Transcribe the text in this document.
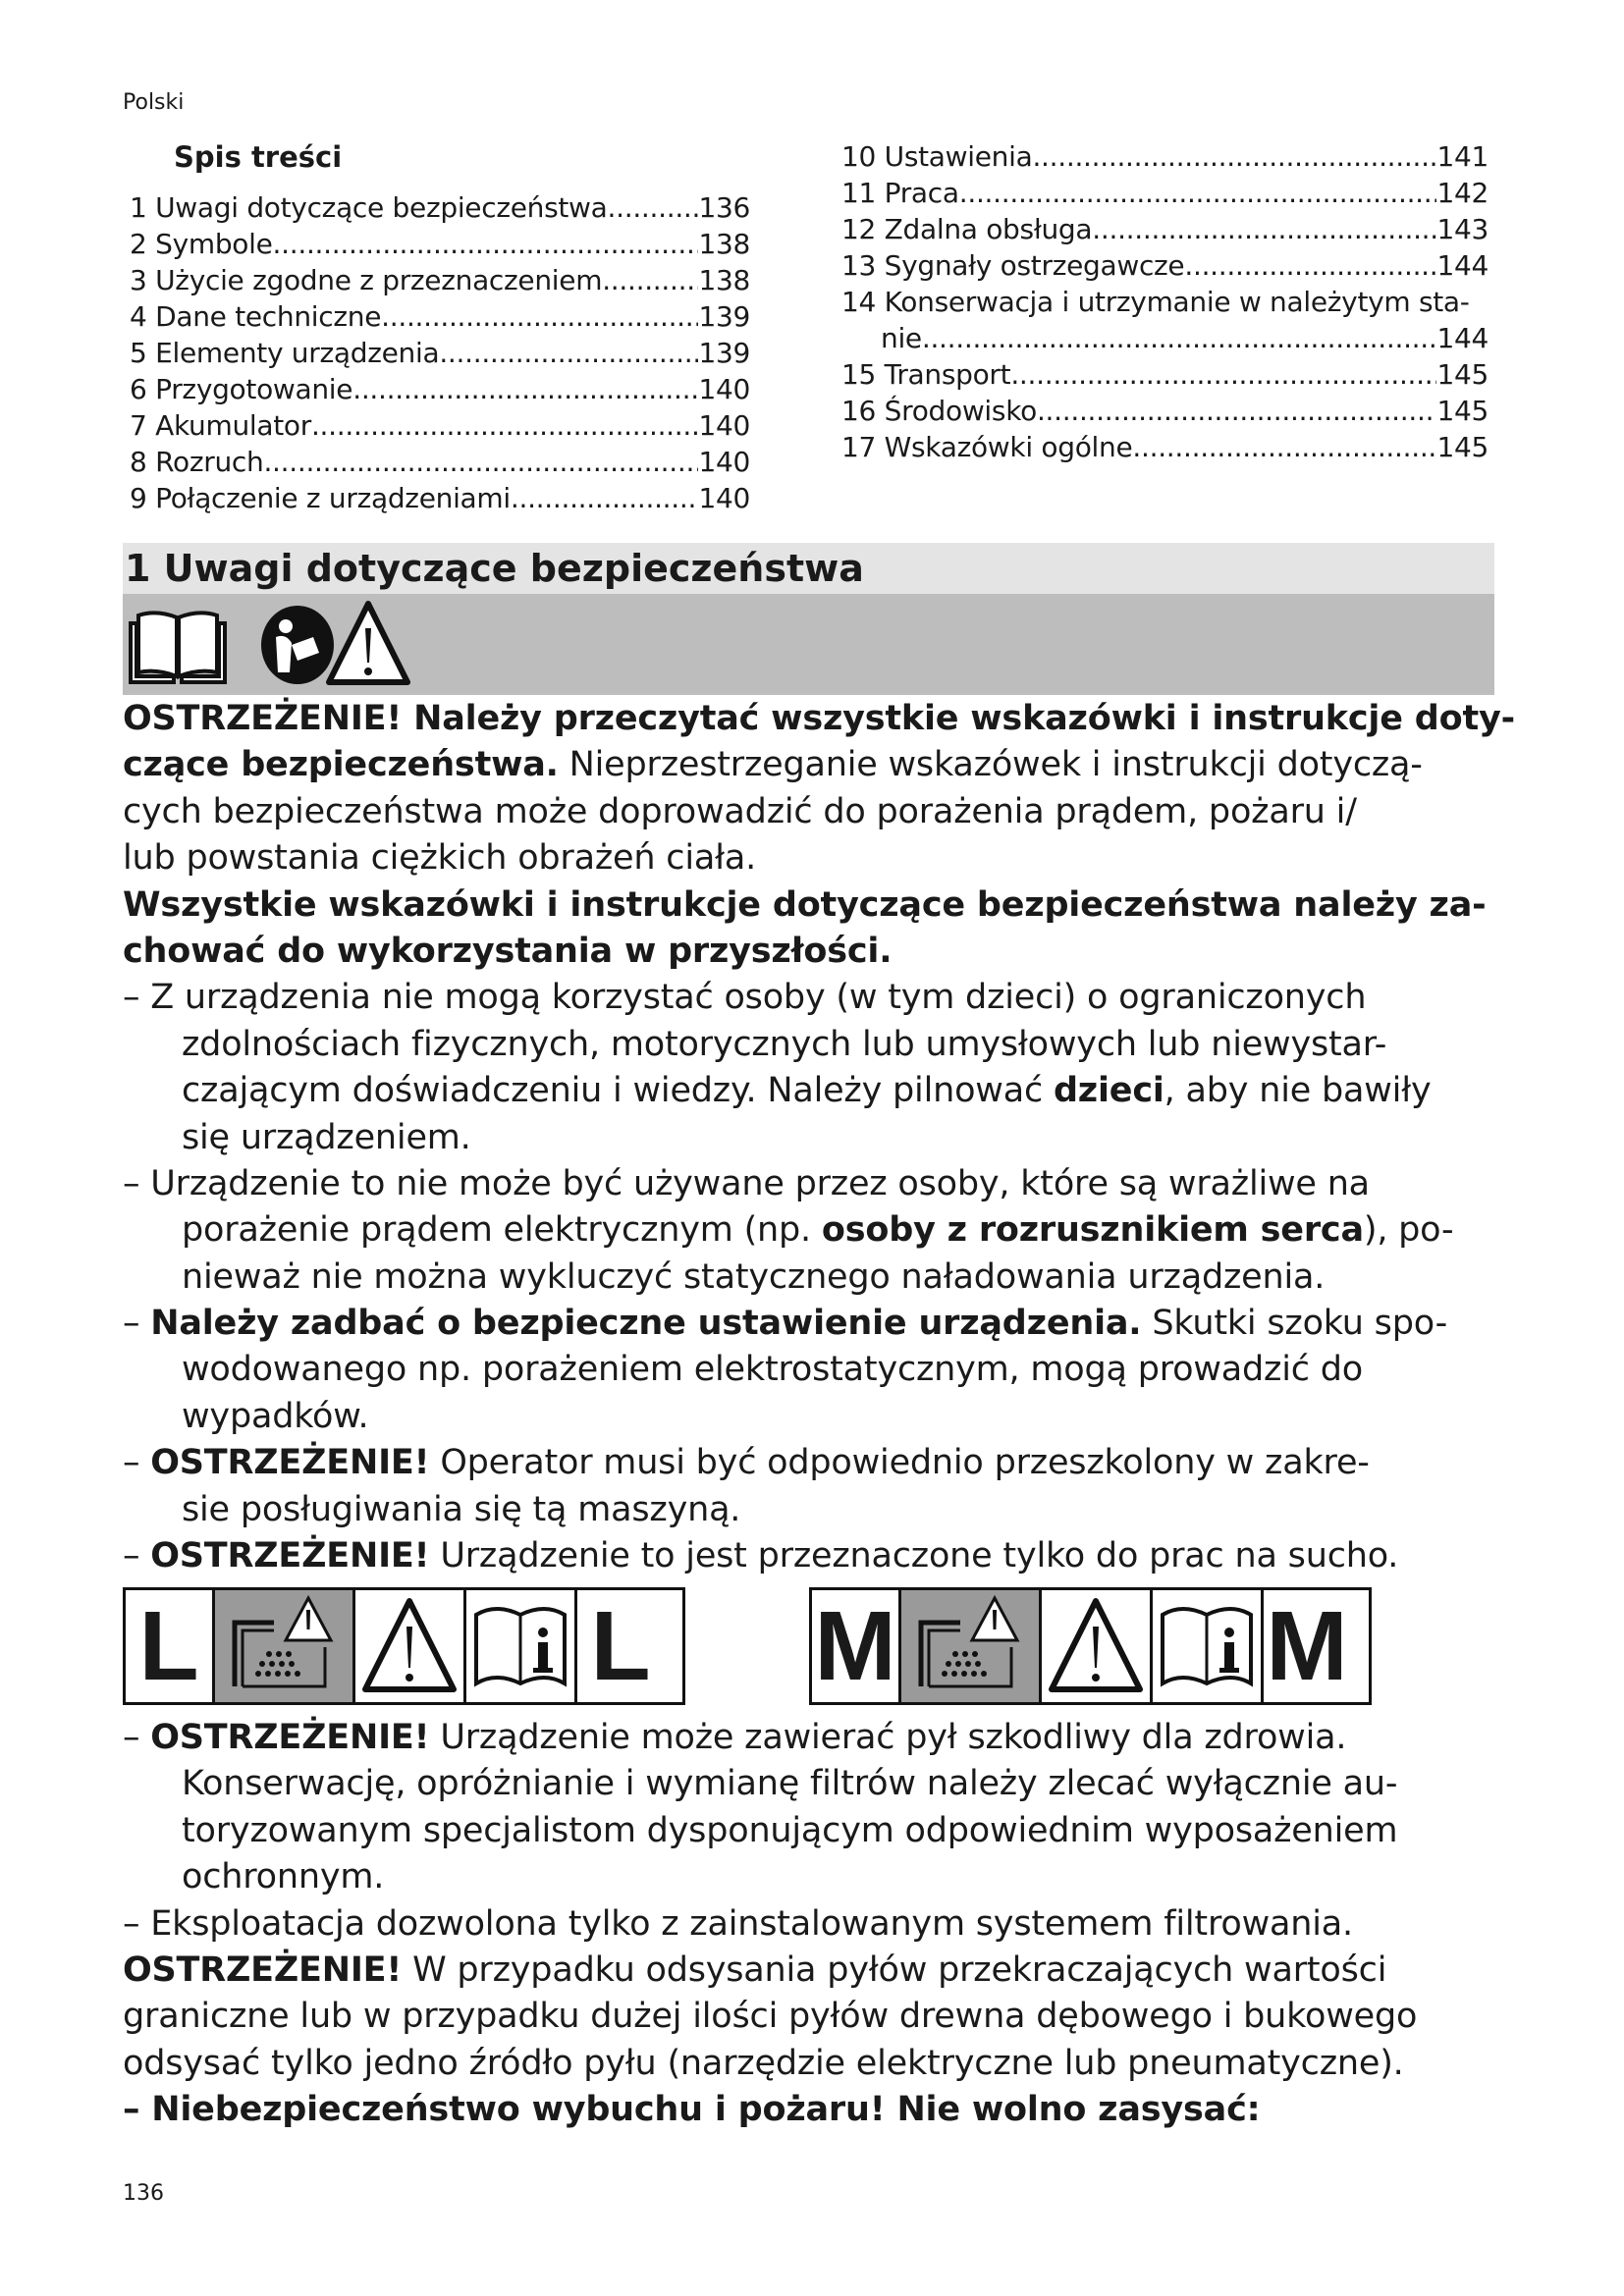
Polski
Spis treści
1 Uwagi dotyczące bezpieczeństwa .....	136
2 Symbole .....	138
3 Użycie zgodne z przeznaczeniem .....	138
4 Dane techniczne .....	139
5 Elementy urządzenia .....	139
6 Przygotowanie .....	140
7 Akumulator .....	140
8 Rozruch .....	140
9 Połączenie z urządzeniami .....	140
10 Ustawienia .....	141
11 Praca .....	142
12 Zdalna obsługa .....	143
13 Sygnały ostrzegawcze .....	144
14 Konserwacja i utrzymanie w należytym sta-
nie .....	144
15 Transport .....	145
16 Środowisko .....	145
17 Wskazówki ogólne .....	145
1 Uwagi dotyczące bezpieczeństwa
OSTRZEŻENIE! Należy przeczytać wszystkie wskazówki i instrukcje doty-
czące bezpieczeństwa. Nieprzestrzeganie wskazówek i instrukcji dotyczą-
cych bezpieczeństwa może doprowadzić do porażenia prądem, pożaru i/
lub powstania ciężkich obrażeń ciała.
Wszystkie wskazówki i instrukcje dotyczące bezpieczeństwa należy za-
chować do wykorzystania w przyszłości.
– Z urządzenia nie mogą korzystać osoby (w tym dzieci) o ograniczonych
zdolnościach fizycznych, motorycznych lub umysłowych lub niewystar-
czającym doświadczeniu i wiedzy. Należy pilnować dzieci, aby nie bawiły
się urządzeniem.
– Urządzenie to nie może być używane przez osoby, które są wrażliwe na
porażenie prądem elektrycznym (np. osoby z rozrusznikiem serca), po-
nieważ nie można wykluczyć statycznego naładowania urządzenia.
– Należy zadbać o bezpieczne ustawienie urządzenia. Skutki szoku spo-
wodowanego np. porażeniem elektrostatycznym, mogą prowadzić do
wypadków.
– OSTRZEŻENIE! Operator musi być odpowiednio przeszkolony w zakre-
sie posługiwania się tą maszyną.
– OSTRZEŻENIE! Urządzenie to jest przeznaczone tylko do prac na sucho.
L	L M	M
– OSTRZEŻENIE! Urządzenie może zawierać pył szkodliwy dla zdrowia.
Konserwację, opróżnianie i wymianę filtrów należy zlecać wyłącznie au-
toryzowanym specjalistom dysponującym odpowiednim wyposażeniem
ochronnym.
– Eksploatacja dozwolona tylko z zainstalowanym systemem filtrowania.
OSTRZEŻENIE! W przypadku odsysania pyłów przekraczających wartości
graniczne lub w przypadku dużej ilości pyłów drewna dębowego i bukowego
odsysać tylko jedno źródło pyłu (narzędzie elektryczne lub pneumatyczne).
– Niebezpieczeństwo wybuchu i pożaru! Nie wolno zasysać:
136
